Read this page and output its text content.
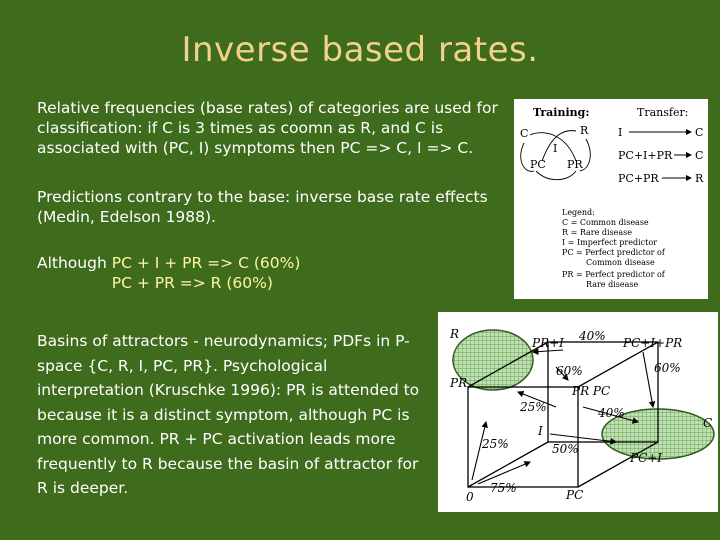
Inverse based rates.
Relative frequencies (base rates) of categories are used for classification: if C is 3 times as coomn as R, and C is associated with (PC, I) symptoms then PC => C, I => C.
Predictions contrary to the base: inverse base rate effects (Medin, Edelson 1988).
Although PC + I + PR => C (60%)
PC + PR => R (60%)
Basins of attractors - neurodynamics; PDFs in P-space {C, R, I, PC, PR}. Psychological interpretation (Kruschke 1996): PR is attended to because it is a distinct symptom, although PC is more common. PR + PC activation leads more frequently to R because the basin of attractor for R is deeper.
Training:	Transfer:
C	R
I
PC PR
I	C
PC+I+PR C
PC+PR	R
Legend:
C = Common disease
R = Rare disease
I = Imperfect predictor
PC = Perfect predictor of
Common disease
PR = Perfect predictor of
Rare disease
R
PR+I 40% PC+I+PR
60%	60%
PR
PR PC
25%	40%
C
I
25%	50%
PC+I
0
75%	PC
